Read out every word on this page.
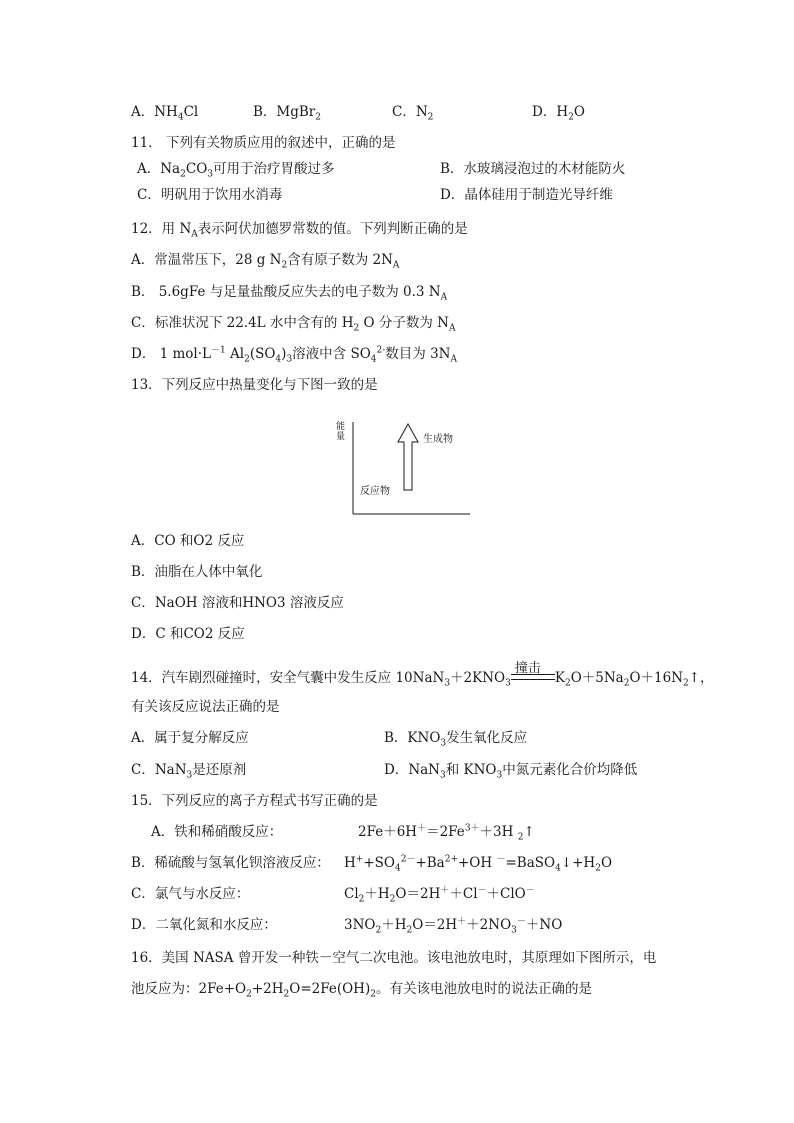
A．$NH_4Cl$	B．MgBr$_2$	C．$N_2$	D．$H_2O$
11． 下列有关物质应用的叙述中，正确的是
A．$Na_2CO_3$可用于治疗胃酸过多	B．水玻璃浸泡过的木材能防火
C．明矾用于饮用水消毒	D．晶体硅用于制造光导纤维
12．用 $N_A$表示阿伏加德罗常数的值。下列判断正确的是
A．常温常压下，28 g $N_2$含有原子数为 $2N_A$
B． 5.6gFe 与足量盐酸反应失去的电子数为 0.3 $N_A$
C．标准状况下 22.4L 水中含有的 $H_2$ O 分子数为 $N_A$
D． 1 $mol\cdot L^{-1}$ $Al_2(SO_4)_3$溶液中含 $SO_4^{2-}$数目为 $3N_A$
13．下列反应中热量变化与下图一致的是
能量	生成物
反应物
A．CO 和O2 反应
B．油脂在人体中氧化
C．NaOH 溶液和HNO3 溶液反应
D．C 和CO2 反应
14．汽车剧烈碰撞时，安全气囊中发生反应 $10NaN_3+2KNO_3$
撞击
$K_2O+5Na_2O+16N_2↑$，
有关该反应说法正确的是
A．属于复分解反应	B．$KNO_3$发生氧化反应
C．NaN$_3$是还原剂	D．NaN$_3$和 $KNO_3$中氮元素化合价均降低
15．下列反应的离子方程式书写正确的是
A．铁和稀硝酸反应：	$2Fe+6H^+=2Fe^{3+}+3H$ $_2$↑
B．稀硫酸与氢氧化钡溶液反应： $H^++SO_4^{2-}+Ba^{2+}+OH$ $^-=BaSO_4↓+H_2O$
C．氯气与水反应：	$Cl_2+H_2O=2H^++Cl^-+ClO^-$
D．二氧化氮和水反应：	$3NO_2+H_2O=2H^++2NO_3^-+NO$
16．美国 NASA 曾开发一种铁－空气二次电池。该电池放电时，其原理如下图所示，电
池反应为：$2Fe+O_2+2H_2O=2Fe(OH)_2$。有关该电池放电时的说法正确的是
